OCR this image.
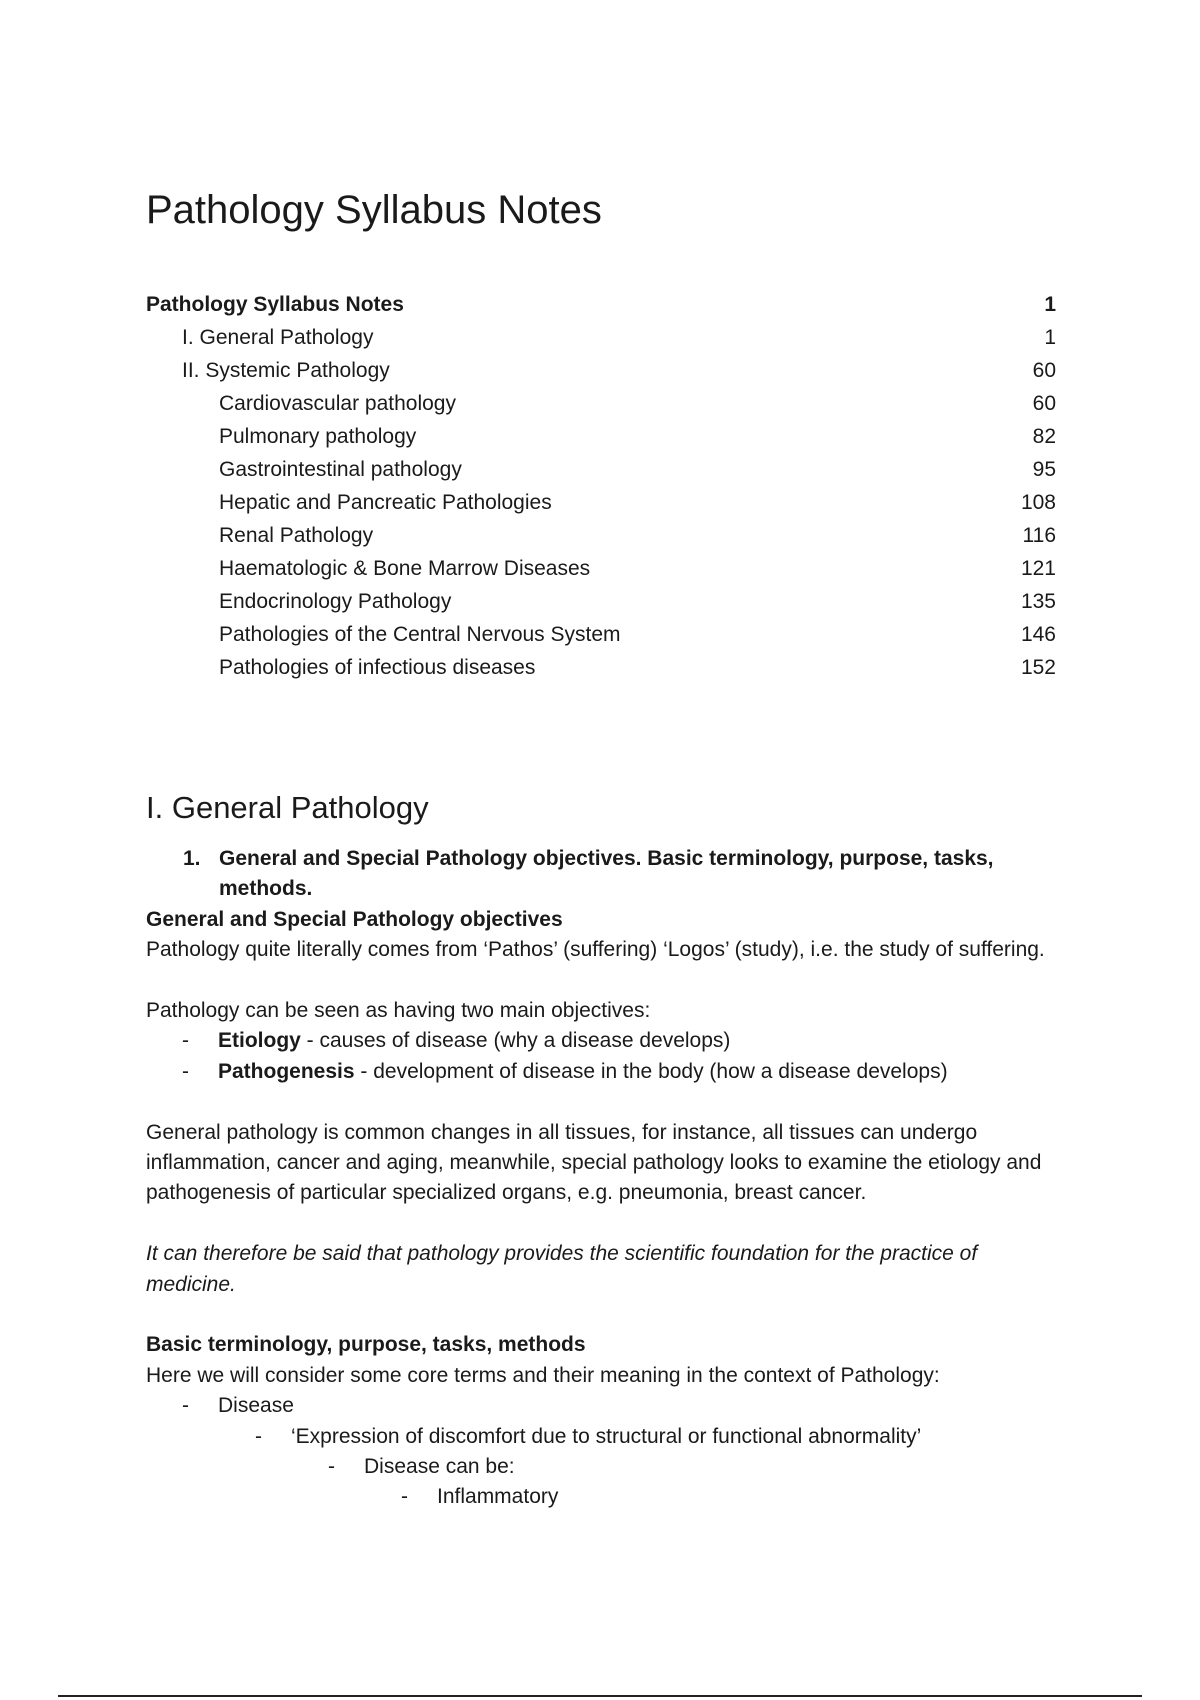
Pathology Syllabus Notes
Pathology Syllabus Notes	1
I. General Pathology	1
II. Systemic Pathology	60
Cardiovascular pathology	60
Pulmonary pathology	82
Gastrointestinal pathology	95
Hepatic and Pancreatic Pathologies	108
Renal Pathology	116
Haematologic & Bone Marrow Diseases	121
Endocrinology Pathology	135
Pathologies of the Central Nervous System	146
Pathologies of infectious diseases	152
I. General Pathology
1. General and Special Pathology objectives. Basic terminology, purpose, tasks, methods.

General and Special Pathology objectives

Pathology quite literally comes from ‘Pathos’ (suffering) ‘Logos’ (study), i.e. the study of suffering.

Pathology can be seen as having two main objectives:

-	Etiology - causes of disease (why a disease develops)
-	Pathogenesis - development of disease in the body (how a disease develops)

General pathology is common changes in all tissues, for instance, all tissues can undergo inflammation, cancer and aging, meanwhile, special pathology looks to examine the etiology and pathogenesis of particular specialized organs, e.g. pneumonia, breast cancer.

It can therefore be said that pathology provides the scientific foundation for the practice of medicine.

Basic terminology, purpose, tasks, methods

Here we will consider some core terms and their meaning in the context of Pathology:

-	Disease
-	‘Expression of discomfort due to structural or functional abnormality’
-	Disease can be:
-	Inflammatory
